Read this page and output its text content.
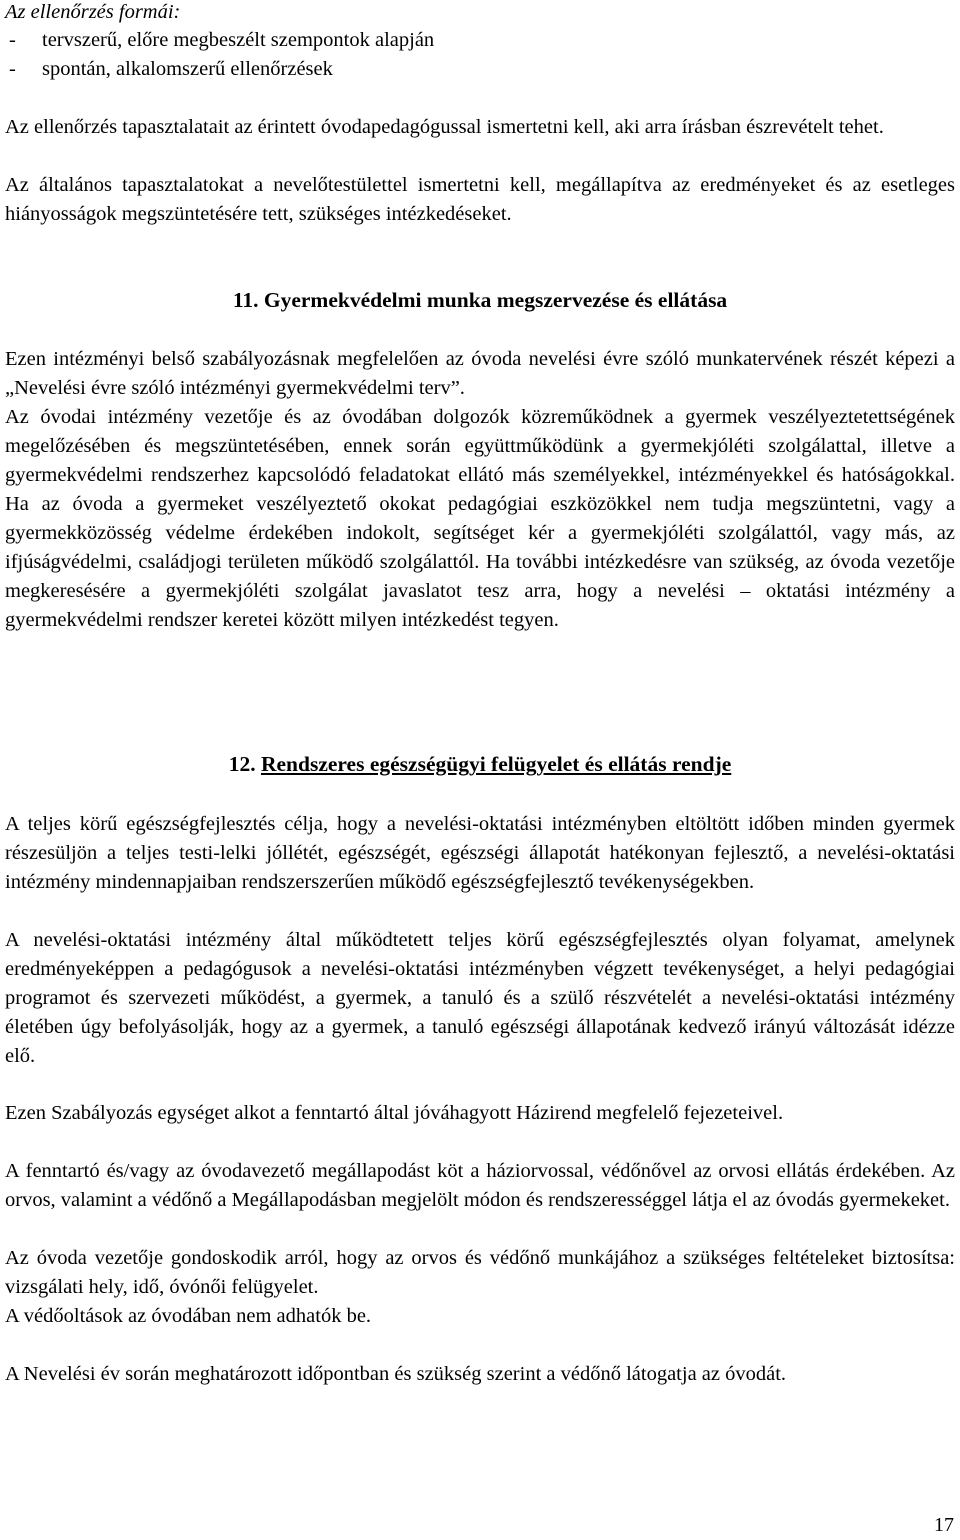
Az ellenőrzés formái:

- tervszerű, előre megbeszélt szempontok alapján

- spontán, alkalomszerű ellenőrzések

Az ellenőrzés tapasztalatait az érintett óvodapedagógussal ismertetni kell, aki arra írásban észrevételt tehet.

Az általános tapasztalatokat a nevelőtestülettel ismertetni kell, megállapítva az eredményeket és az esetleges hiányosságok megszüntetésére tett, szükséges intézkedéseket.

11. Gyermekvédelmi munka megszervezése és ellátása

Ezen intézményi belső szabályozásnak megfelelően az óvoda nevelési évre szóló munkatervének részét képezi a „Nevelési évre szóló intézményi gyermekvédelmi terv”.

Az óvodai intézmény vezetője és az óvodában dolgozók közreműködnek a gyermek veszélyeztetettségének megelőzésében és megszüntetésében, ennek során együttműködünk a gyermekjóléti szolgálattal, illetve a gyermekvédelmi rendszerhez kapcsolódó feladatokat ellátó más személyekkel, intézményekkel és hatóságokkal. Ha az óvoda a gyermeket veszélyeztető okokat pedagógiai eszközökkel nem tudja megszüntetni, vagy a gyermekközösség védelme érdekében indokolt, segítséget kér a gyermekjóléti szolgálattól, vagy más, az ifjúságvédelmi, családjogi területen működő szolgálattól. Ha további intézkedésre van szükség, az óvoda vezetője megkeresésére a gyermekjóléti szolgálat javaslatot tesz arra, hogy a nevelési – oktatási intézmény a gyermekvédelmi rendszer keretei között milyen intézkedést tegyen.

12. Rendszeres egészségügyi felügyelet és ellátás rendje

A teljes körű egészségfejlesztés célja, hogy a nevelési-oktatási intézményben eltöltött időben minden gyermek részesüljön a teljes testi-lelki jóllétét, egészségét, egészségi állapotát hatékonyan fejlesztő, a nevelési-oktatási intézmény mindennapjaiban rendszerszerűen működő egészségfejlesztő tevékenységekben.

A nevelési-oktatási intézmény által működtetett teljes körű egészségfejlesztés olyan folyamat, amelynek eredményeképpen a pedagógusok a nevelési-oktatási intézményben végzett tevékenységet, a helyi pedagógiai programot és szervezeti működést, a gyermek, a tanuló és a szülő részvételét a nevelési-oktatási intézmény életében úgy befolyásolják, hogy az a gyermek, a tanuló egészségi állapotának kedvező irányú változását idézze elő.

Ezen Szabályozás egységet alkot a fenntartó által jóváhagyott Házirend megfelelő fejezeteivel.

A fenntartó és/vagy az óvodavezető megállapodást köt a háziorvossal, védőnővel az orvosi ellátás érdekében. Az orvos, valamint a védőnő a Megállapodásban megjelölt módon és rendszerességgel látja el az óvodás gyermekeket.

Az óvoda vezetője gondoskodik arról, hogy az orvos és védőnő munkájához a szükséges feltételeket biztosítsa: vizsgálati hely, idő, óvónői felügyelet.

A védőoltások az óvodában nem adhatók be.

A Nevelési év során meghatározott időpontban és szükség szerint a védőnő látogatja az óvodát.

17
